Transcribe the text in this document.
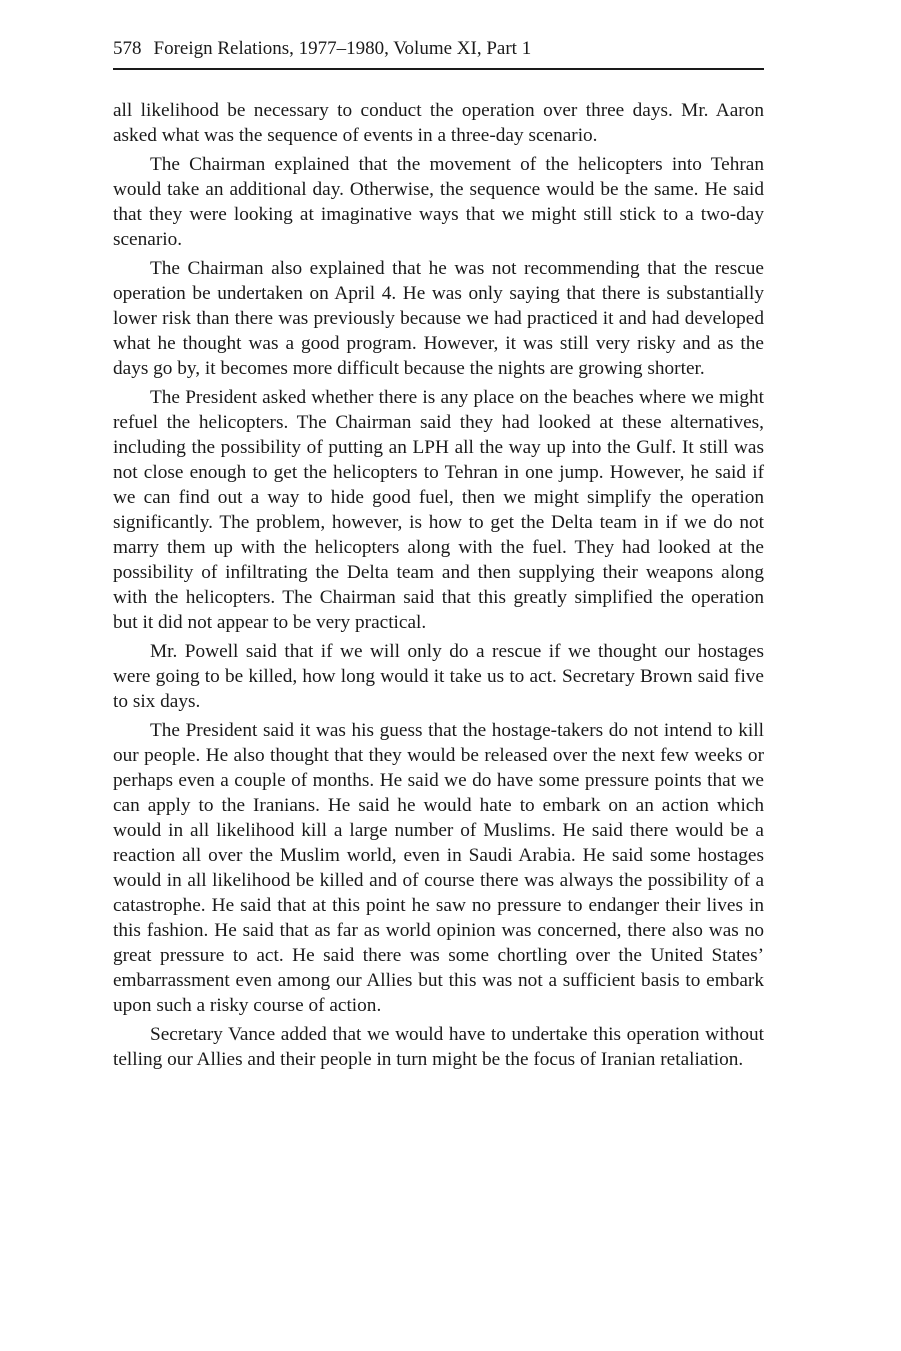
578 Foreign Relations, 1977–1980, Volume XI, Part 1

all likelihood be necessary to conduct the operation over three days. Mr. Aaron asked what was the sequence of events in a three-day scenario.

The Chairman explained that the movement of the helicopters into Tehran would take an additional day. Otherwise, the sequence would be the same. He said that they were looking at imaginative ways that we might still stick to a two-day scenario.

The Chairman also explained that he was not recommending that the rescue operation be undertaken on April 4. He was only saying that there is substantially lower risk than there was previously because we had practiced it and had developed what he thought was a good program. However, it was still very risky and as the days go by, it becomes more difficult because the nights are growing shorter.

The President asked whether there is any place on the beaches where we might refuel the helicopters. The Chairman said they had looked at these alternatives, including the possibility of putting an LPH all the way up into the Gulf. It still was not close enough to get the helicopters to Tehran in one jump. However, he said if we can find out a way to hide good fuel, then we might simplify the operation significantly. The problem, however, is how to get the Delta team in if we do not marry them up with the helicopters along with the fuel. They had looked at the possibility of infiltrating the Delta team and then supplying their weapons along with the helicopters. The Chairman said that this greatly simplified the operation but it did not appear to be very practical.

Mr. Powell said that if we will only do a rescue if we thought our hostages were going to be killed, how long would it take us to act. Secretary Brown said five to six days.

The President said it was his guess that the hostage-takers do not intend to kill our people. He also thought that they would be released over the next few weeks or perhaps even a couple of months. He said we do have some pressure points that we can apply to the Iranians. He said he would hate to embark on an action which would in all likelihood kill a large number of Muslims. He said there would be a reaction all over the Muslim world, even in Saudi Arabia. He said some hostages would in all likelihood be killed and of course there was always the possibility of a catastrophe. He said that at this point he saw no pressure to endanger their lives in this fashion. He said that as far as world opinion was concerned, there also was no great pressure to act. He said there was some chortling over the United States’ embarrassment even among our Allies but this was not a sufficient basis to embark upon such a risky course of action.

Secretary Vance added that we would have to undertake this operation without telling our Allies and their people in turn might be the focus of Iranian retaliation.
